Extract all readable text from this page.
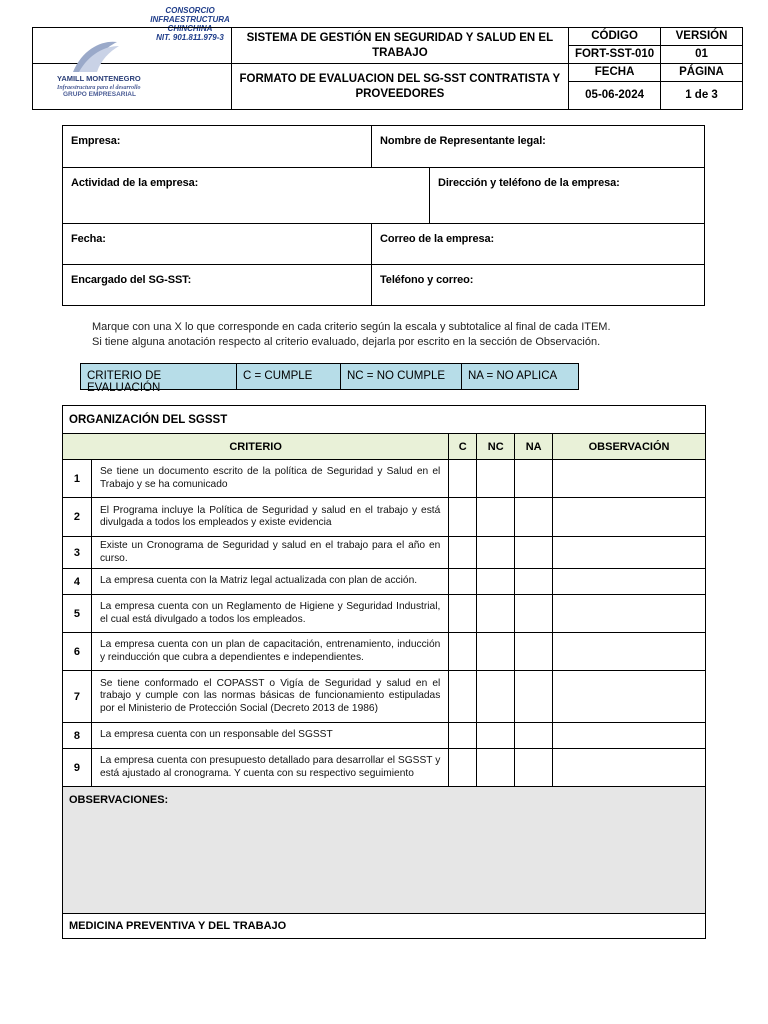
CONSORCIO
INFRAESTRUCTURA
CHINCHINA
NIT. 901.811.979-3
YAMILL MONTENEGRO
Infraestructura para el desarrollo
GRUPO EMPRESARIAL	SISTEMA DE GESTIÓN EN SEGURIDAD Y SALUD EN EL TRABAJO	CÓDIGO	VERSIÓN
		FORT-SST-010	01
	FORMATO DE EVALUACION DEL SG-SST CONTRATISTA Y PROVEEDORES	FECHA	PÁGINA
		05-06-2024	1 de 3
Empresa:	Nombre de Representante legal:
Actividad de la empresa:	Dirección y teléfono de la empresa:
Fecha:	Correo de la empresa:
Encargado del SG-SST:	Teléfono y correo:
Marque con una X lo que corresponde en cada criterio según la escala y subtotalice al final de cada ITEM.
Si tiene alguna anotación respecto al criterio evaluado, dejarla por escrito en la sección de Observación.
CRITERIO DE EVALUACIÓN
C = CUMPLE	NC = NO CUMPLE	NA = NO APLICA
ORGANIZACIÓN DEL SGSST					
CRITERIO		C	NC	NA	OBSERVACIÓN
1	Se tiene un documento escrito de la política de Seguridad y Salud en el Trabajo y se ha comunicado				
2	El Programa incluye la Política de Seguridad y salud en el trabajo y está divulgada a todos los empleados y existe evidencia				
3	Existe un Cronograma de Seguridad y salud en el trabajo para el año en curso.				
4	La empresa cuenta con la Matriz legal actualizada con plan de acción.				
5	La empresa cuenta con un Reglamento de Higiene y Seguridad Industrial, el cual está divulgado a todos los empleados.				
6	La empresa cuenta con un plan de capacitación, entrenamiento, inducción y reinducción que cubra a dependientes e independientes.				
7	Se tiene conformado el COPASST o Vigía de Seguridad y salud en el trabajo y cumple con las normas básicas de funcionamiento estipuladas por el Ministerio de Protección Social (Decreto 2013 de 1986)				
8	La empresa cuenta con un responsable del SGSST				
9	La empresa cuenta con presupuesto detallado para desarrollar el SGSST y está ajustado al cronograma. Y cuenta con su respectivo seguimiento				
OBSERVACIONES:					
MEDICINA PREVENTIVA Y DEL TRABAJO					
